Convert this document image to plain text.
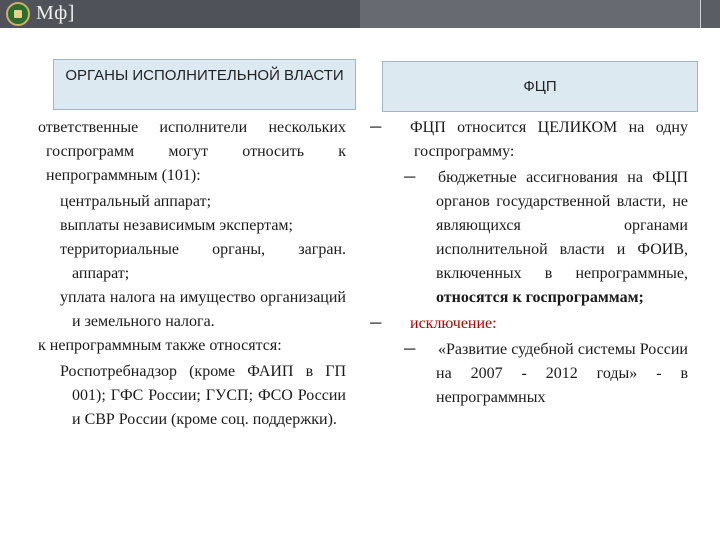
Мф]
ОРГАНЫ ИСПОЛНИТЕЛЬНОЙ ВЛАСТИ
ФЦП
ответственные исполнители нескольких госпрограмм могут относить к непрограммным (101):
центральный аппарат;
выплаты независимым экспертам;
территориальные органы, загран. аппарат;
уплата налога на имущество организаций и земельного налога.
к непрограммным также относятся:
Роспотребнадзор (кроме ФАИП в ГП 001); ГФС России; ГУСП; ФСО России и СВР России (кроме соц. поддержки).
─ ФЦП относится ЦЕЛИКОМ на одну госпрограмму:
─ бюджетные ассигнования на ФЦП органов государственной власти, не являющихся органами исполнительной власти и ФОИВ, включенных в непрограммные, относятся к госпрограммам;
─ исключение:
─ «Развитие судебной системы России на 2007 - 2012 годы» - в непрограммных
